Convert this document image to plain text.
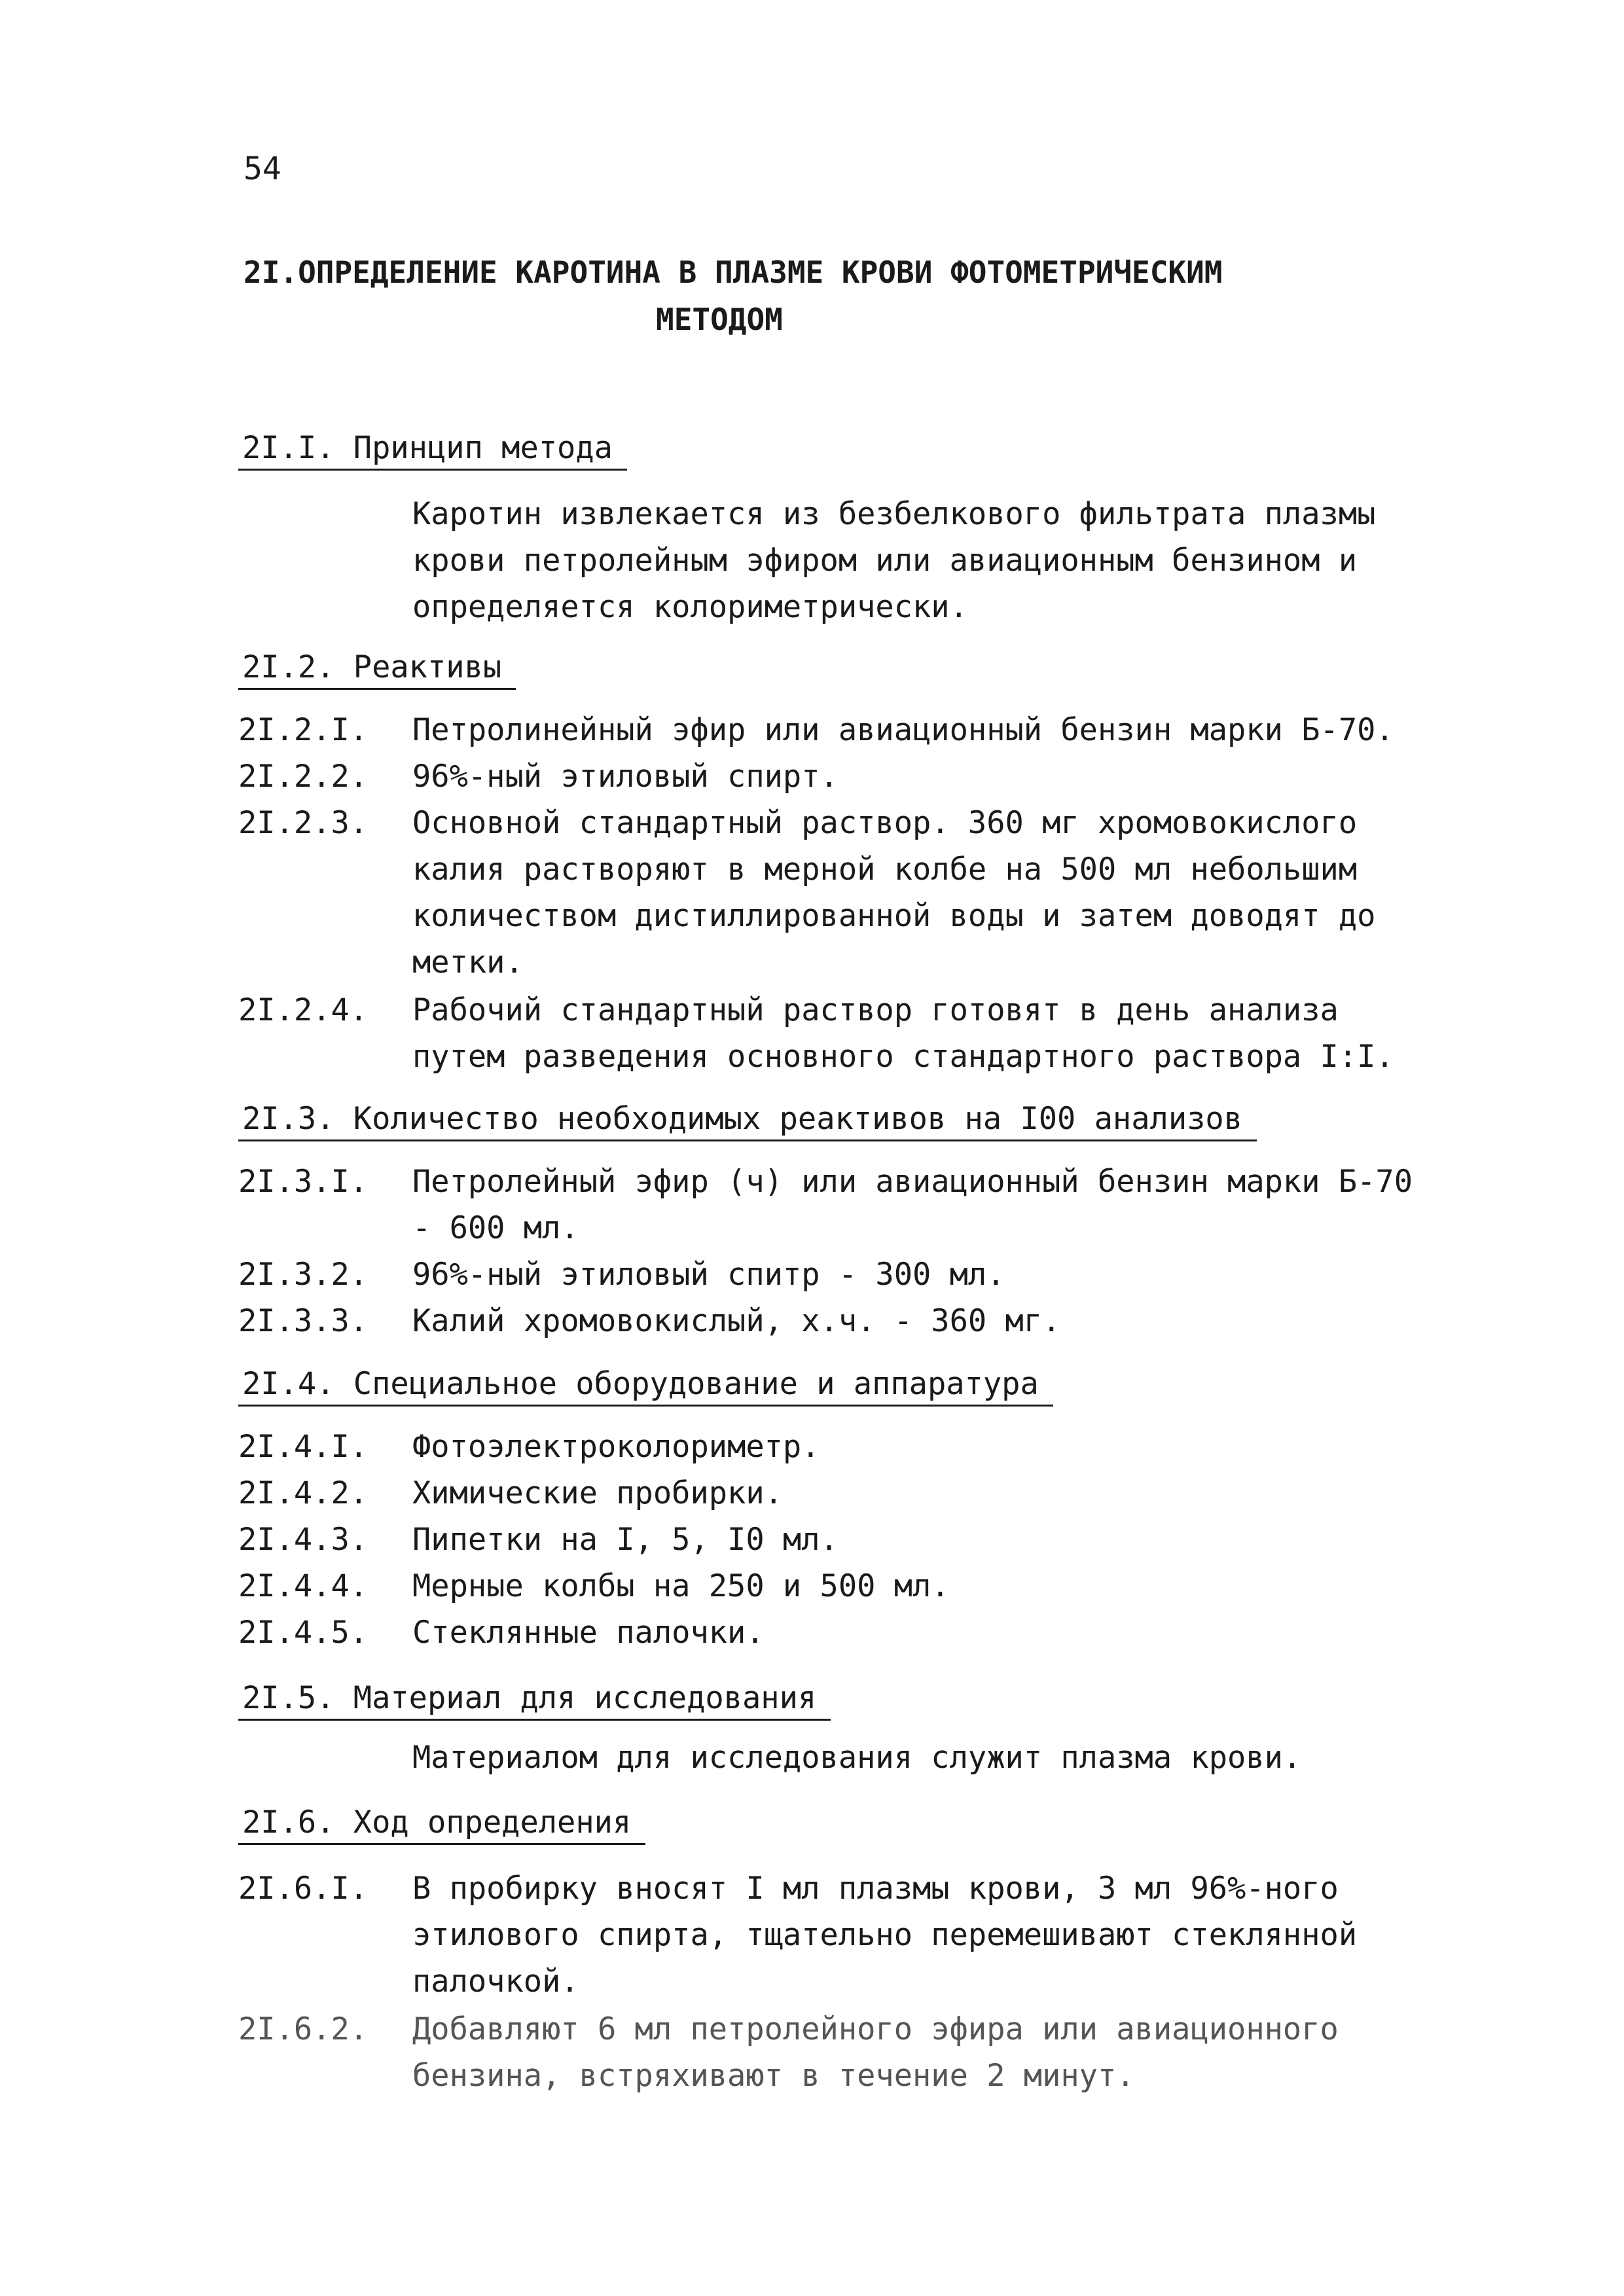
54
2I.ОПРЕДЕЛЕНИЕ КАРОТИНА В ПЛАЗМЕ КРОВИ ФОТОМЕТРИЧЕСКИМ
МЕТОДОМ
2I.I. Принцип метода
Каротин извлекается из безбелкового фильтрата плазмы крови петролейным эфиром или авиационным бензином и определяется колориметрически.
2I.2. Реактивы
2I.2.I.	Петролинейный эфир или авиационный бензин марки Б-70.
2I.2.2.	96%-ный этиловый спирт.
2I.2.3.	Основной стандартный раствор. 360 мг хромовокислого калия растворяют в мерной колбе на 500 мл небольшим количеством дистиллированной воды и затем доводят до метки.
2I.2.4.	Рабочий стандартный раствор готовят в день анализа путем разведения основного стандартного раствора I:I.
2I.3. Количество необходимых реактивов на I00 анализов
2I.3.I.	Петролейный эфир (ч) или авиационный бензин марки Б-70 - 600 мл.
2I.3.2.	96%-ный этиловый спитр - 300 мл.
2I.3.3.	Калий хромовокислый, х.ч. - 360 мг.
2I.4. Специальное оборудование и аппаратура
2I.4.I.	Фотоэлектроколориметр.
2I.4.2.	Химические пробирки.
2I.4.3.	Пипетки на I, 5, I0 мл.
2I.4.4.	Мерные колбы на 250 и 500 мл.
2I.4.5.	Стеклянные палочки.
2I.5. Материал для исследования
Материалом для исследования служит плазма крови.
2I.6. Ход определения
2I.6.I.	В пробирку вносят I мл плазмы крови, 3 мл 96%-ного этилового спирта, тщательно перемешивают стеклянной палочкой.
2I.6.2.	Добавляют 6 мл петролейного эфира или авиационного бензина, встряхивают в течение 2 минут.
